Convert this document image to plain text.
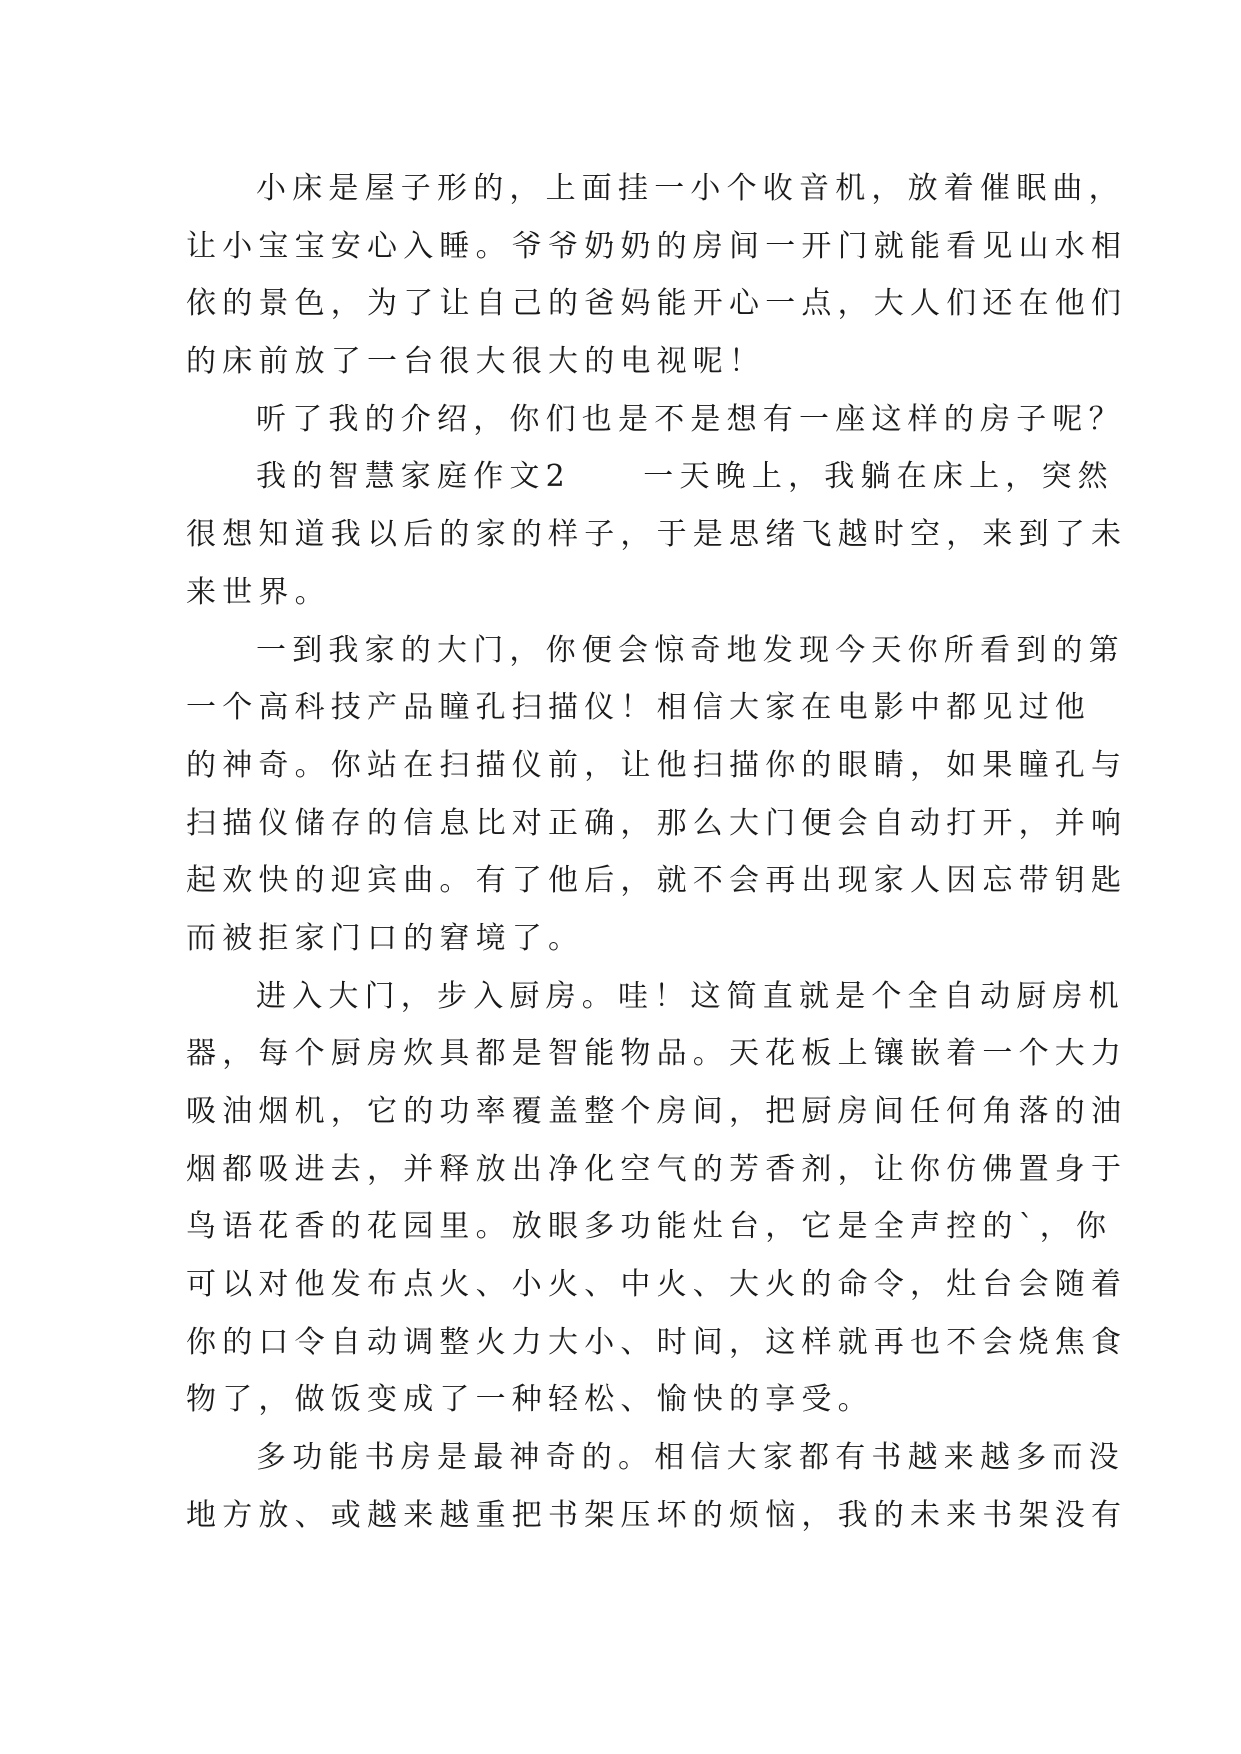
小床是屋子形的，上面挂一小个收音机，放着催眠曲，
让小宝宝安心入睡。爷爷奶奶的房间一开门就能看见山水相
依的景色，为了让自己的爸妈能开心一点，大人们还在他们
的床前放了一台很大很大的电视呢！
听了我的介绍，你们也是不是想有一座这样的房子呢？
我的智慧家庭作文2　　一天晚上，我躺在床上，突然
很想知道我以后的家的样子，于是思绪飞越时空，来到了未
来世界。
一到我家的大门，你便会惊奇地发现今天你所看到的第
一个高科技产品瞳孔扫描仪！相信大家在电影中都见过他
的神奇。你站在扫描仪前，让他扫描你的眼睛，如果瞳孔与
扫描仪储存的信息比对正确，那么大门便会自动打开，并响
起欢快的迎宾曲。有了他后，就不会再出现家人因忘带钥匙
而被拒家门口的窘境了。
进入大门，步入厨房。哇！这简直就是个全自动厨房机
器，每个厨房炊具都是智能物品。天花板上镶嵌着一个大力
吸油烟机，它的功率覆盖整个房间，把厨房间任何角落的油
烟都吸进去，并释放出净化空气的芳香剂，让你仿佛置身于
鸟语花香的花园里。放眼多功能灶台，它是全声控的`，你
可以对他发布点火、小火、中火、大火的命令，灶台会随着
你的口令自动调整火力大小、时间，这样就再也不会烧焦食
物了，做饭变成了一种轻松、愉快的享受。
多功能书房是最神奇的。相信大家都有书越来越多而没
地方放、或越来越重把书架压坏的烦恼，我的未来书架没有
